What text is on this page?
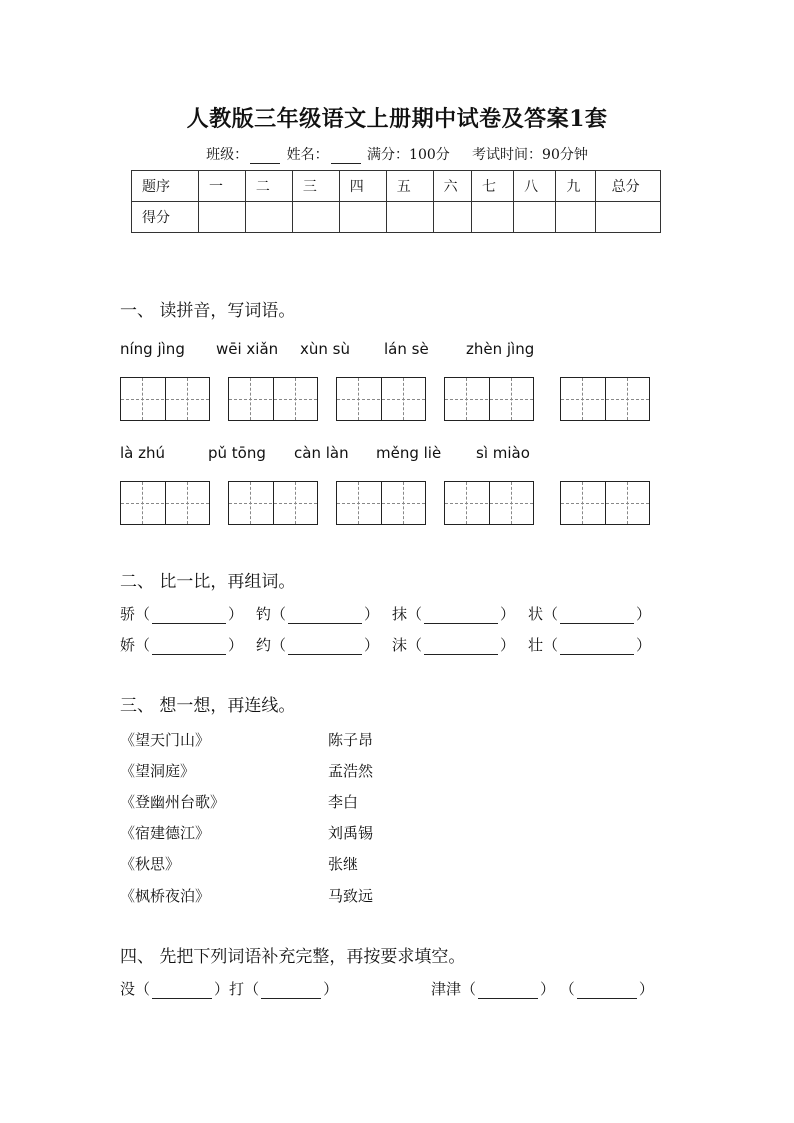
人教版三年级语文上册期中试卷及答案1套
班级：	姓名：	满分：100分 考试时间：90分钟
题序	一	二	三	四	五	六	七	八	九	总分
得分										
一、 读拼音，写词语。
níng jìng wēi xiǎn xùn sù lán sè zhèn jìng
là zhú	pǔ tōng càn làn měng liè sì miào
二、 比一比，再组词。
骄（	） 钓（	） 抹（	） 状（	）
娇（	） 约（	） 沫（	） 壮（	）
三、 想一想，再连线。
《望天门山》
《望洞庭》
《登幽州台歌》
《宿建德江》
《秋思》
《枫桥夜泊》
陈子昂
孟浩然
李白
刘禹锡
张继
马致远
四、 先把下列词语补充完整，再按要求填空。
没（	）打（	）	津津（	） （	）
